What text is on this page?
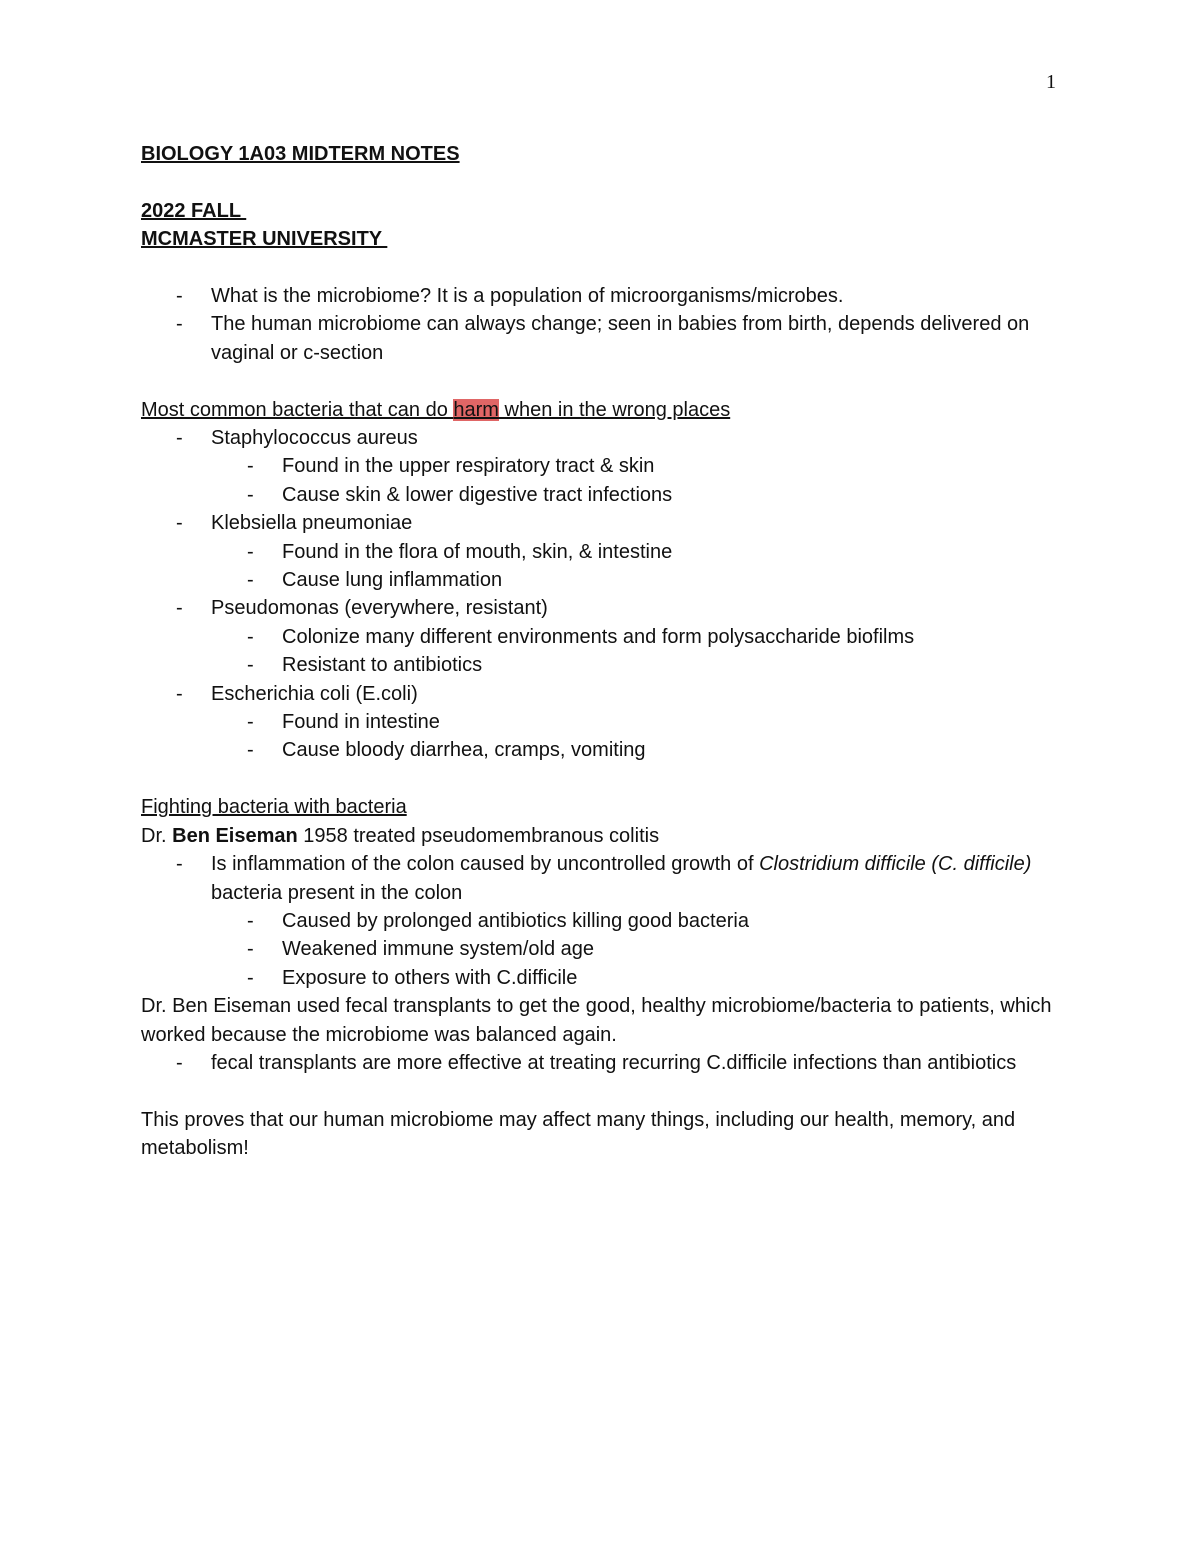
1
BIOLOGY 1A03 MIDTERM NOTES
2022 FALL
MCMASTER UNIVERSITY
- What is the microbiome? It is a population of microorganisms/microbes.
- The human microbiome can always change; seen in babies from birth, depends delivered on vaginal or c-section
Most common bacteria that can do harm when in the wrong places
- Staphylococcus aureus
- Found in the upper respiratory tract & skin
- Cause skin & lower digestive tract infections
- Klebsiella pneumoniae
- Found in the flora of mouth, skin, & intestine
- Cause lung inflammation
- Pseudomonas (everywhere, resistant)
- Colonize many different environments and form polysaccharide biofilms
- Resistant to antibiotics
- Escherichia coli (E.coli)
- Found in intestine
- Cause bloody diarrhea, cramps, vomiting
Fighting bacteria with bacteria
Dr. Ben Eiseman 1958 treated pseudomembranous colitis
- Is inflammation of the colon caused by uncontrolled growth of Clostridium difficile (C. difficile) bacteria present in the colon
- Caused by prolonged antibiotics killing good bacteria
- Weakened immune system/old age
- Exposure to others with C.difficile
Dr. Ben Eiseman used fecal transplants to get the good, healthy microbiome/bacteria to patients, which worked because the microbiome was balanced again.
- fecal transplants are more effective at treating recurring C.difficile infections than antibiotics
This proves that our human microbiome may affect many things, including our health, memory, and metabolism!
